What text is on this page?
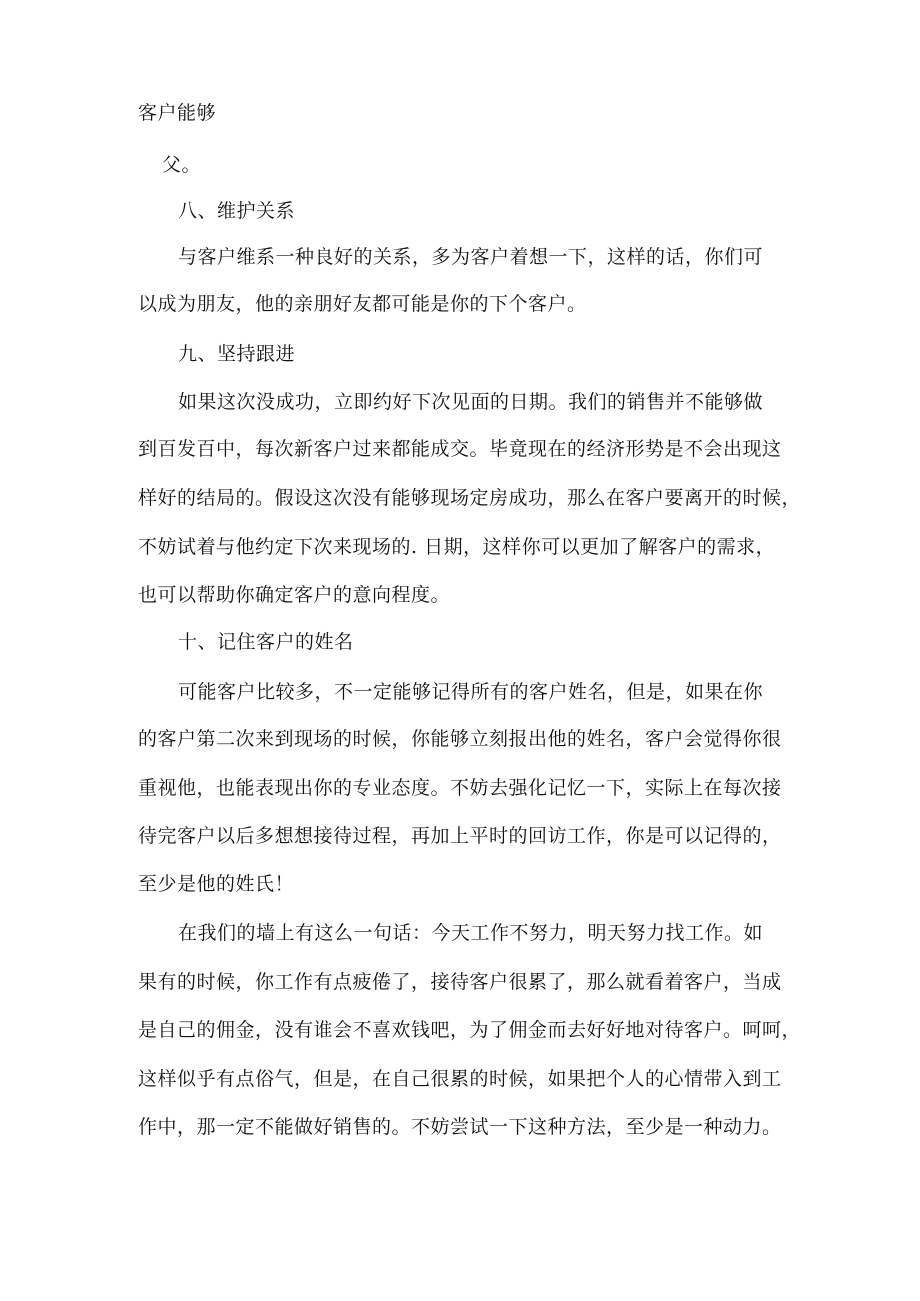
客户能够
父。
八、维护关系
与客户维系一种良好的关系，多为客户着想一下，这样的话，你们可
以成为朋友，他的亲朋好友都可能是你的下个客户。
九、坚持跟进
如果这次没成功，立即约好下次见面的日期。我们的销售并不能够做
到百发百中，每次新客户过来都能成交。毕竟现在的经济形势是不会出现这
样好的结局的。假设这次没有能够现场定房成功，那么在客户要离开的时候，
不妨试着与他约定下次来现场的. 日期，这样你可以更加了解客户的需求，
也可以帮助你确定客户的意向程度。
十、记住客户的姓名
可能客户比较多，不一定能够记得所有的客户姓名，但是，如果在你
的客户第二次来到现场的时候，你能够立刻报出他的姓名，客户会觉得你很
重视他，也能表现出你的专业态度。不妨去强化记忆一下，实际上在每次接
待完客户以后多想想接待过程，再加上平时的回访工作，你是可以记得的，
至少是他的姓氏！
在我们的墙上有这么一句话：今天工作不努力，明天努力找工作。如
果有的时候，你工作有点疲倦了，接待客户很累了，那么就看着客户，当成
是自己的佣金，没有谁会不喜欢钱吧，为了佣金而去好好地对待客户。呵呵，
这样似乎有点俗气，但是，在自己很累的时候，如果把个人的心情带入到工
作中，那一定不能做好销售的。不妨尝试一下这种方法，至少是一种动力。
